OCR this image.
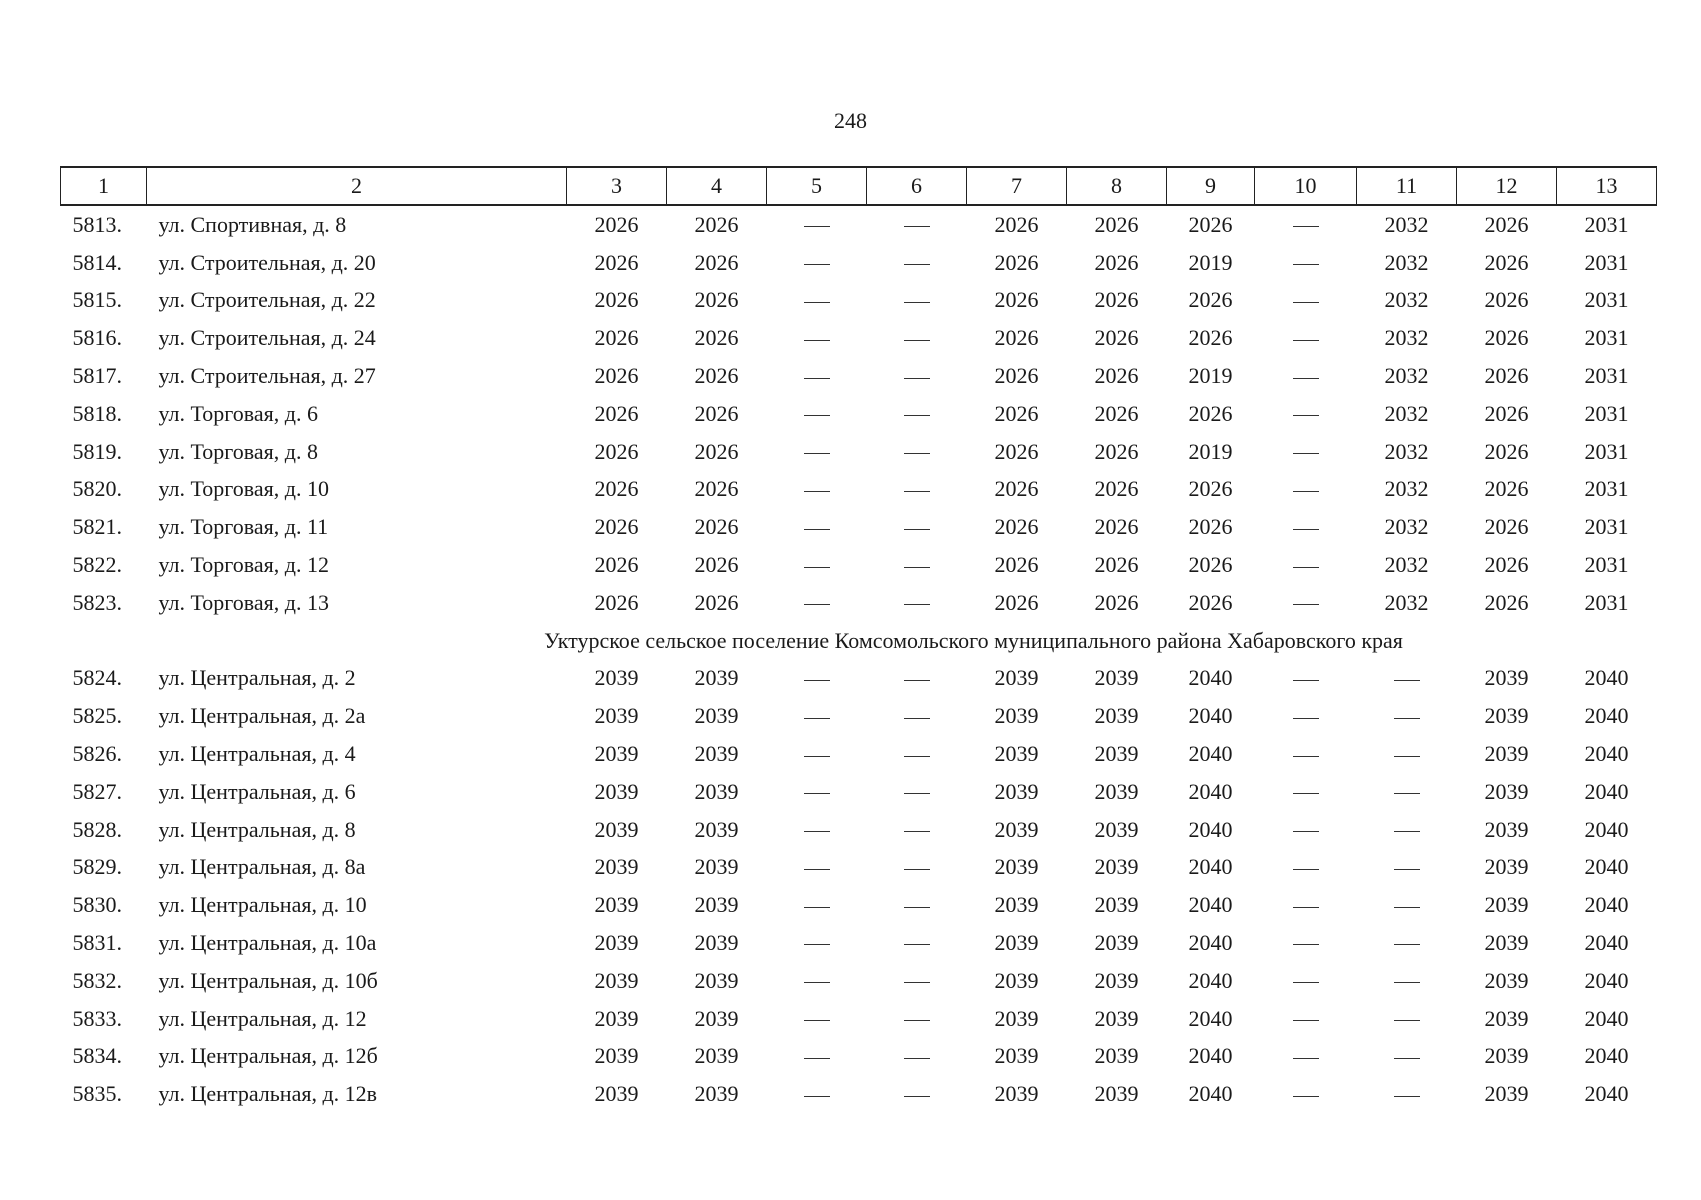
248
1	2	3	4	5	6	7	8	9	10	11	12	13
5813.	ул. Спортивная, д. 8	2026	2026			2026	2026	2026		2032	2026	2031
5814.	ул. Строительная, д. 20	2026	2026			2026	2026	2019		2032	2026	2031
5815.	ул. Строительная, д. 22	2026	2026			2026	2026	2026		2032	2026	2031
5816.	ул. Строительная, д. 24	2026	2026			2026	2026	2026		2032	2026	2031
5817.	ул. Строительная, д. 27	2026	2026			2026	2026	2019		2032	2026	2031
5818.	ул. Торговая, д. 6	2026	2026			2026	2026	2026		2032	2026	2031
5819.	ул. Торговая, д. 8	2026	2026			2026	2026	2019		2032	2026	2031
5820.	ул. Торговая, д. 10	2026	2026			2026	2026	2026		2032	2026	2031
5821.	ул. Торговая, д. 11	2026	2026			2026	2026	2026		2032	2026	2031
5822.	ул. Торговая, д. 12	2026	2026			2026	2026	2026		2032	2026	2031
5823.	ул. Торговая, д. 13	2026	2026			2026	2026	2026		2032	2026	2031
Уктурское сельское поселение Комсомольского муниципального района Хабаровского края												
5824.	ул. Центральная, д. 2	2039	2039			2039	2039	2040			2039	2040
5825.	ул. Центральная, д. 2а	2039	2039			2039	2039	2040			2039	2040
5826.	ул. Центральная, д. 4	2039	2039			2039	2039	2040			2039	2040
5827.	ул. Центральная, д. 6	2039	2039			2039	2039	2040			2039	2040
5828.	ул. Центральная, д. 8	2039	2039			2039	2039	2040			2039	2040
5829.	ул. Центральная, д. 8а	2039	2039			2039	2039	2040			2039	2040
5830.	ул. Центральная, д. 10	2039	2039			2039	2039	2040			2039	2040
5831.	ул. Центральная, д. 10а	2039	2039			2039	2039	2040			2039	2040
5832.	ул. Центральная, д. 10б	2039	2039			2039	2039	2040			2039	2040
5833.	ул. Центральная, д. 12	2039	2039			2039	2039	2040			2039	2040
5834.	ул. Центральная, д. 12б	2039	2039			2039	2039	2040			2039	2040
5835.	ул. Центральная, д. 12в	2039	2039			2039	2039	2040			2039	2040
